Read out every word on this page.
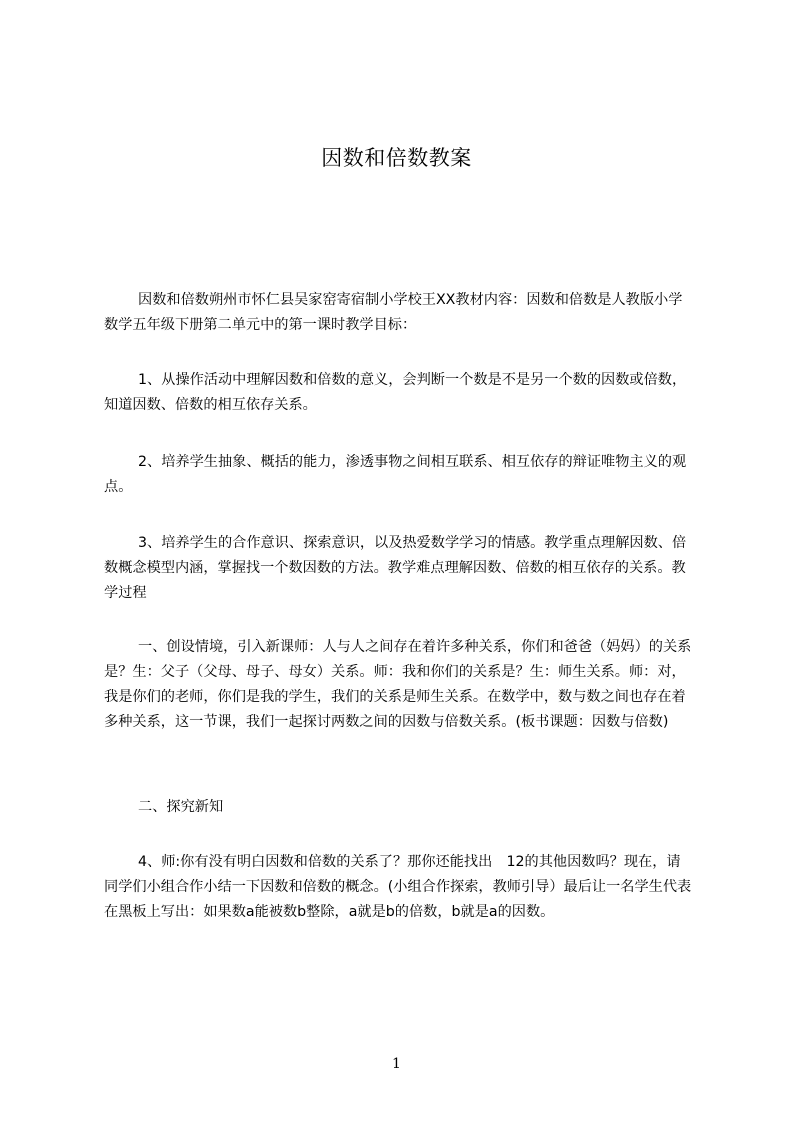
因数和倍数教案

因数和倍数朔州市怀仁县吴家窑寄宿制小学校王XX教材内容：因数和倍数是人教版小学数学五年级下册第二单元中的第一课时教学目标：

1、从操作活动中理解因数和倍数的意义，会判断一个数是不是另一个数的因数或倍数，知道因数、倍数的相互依存关系。

2、培养学生抽象、概括的能力，渗透事物之间相互联系、相互依存的辩证唯物主义的观点。

3、培养学生的合作意识、探索意识，以及热爱数学学习的情感。教学重点理解因数、倍数概念模型内涵，掌握找一个数因数的方法。教学难点理解因数、倍数的相互依存的关系。教学过程

一、创设情境，引入新课师：人与人之间存在着许多种关系，你们和爸爸（妈妈）的关系是？生：父子（父母、母子、母女）关系。师：我和你们的关系是？生：师生关系。师：对，我是你们的老师，你们是我的学生，我们的关系是师生关系。在数学中，数与数之间也存在着多种关系，这一节课，我们一起探讨两数之间的因数与倍数关系。(板书课题：因数与倍数)

二、探究新知

4、师:你有没有明白因数和倍数的关系了？那你还能找出　12的其他因数吗？现在，请同学们小组合作小结一下因数和倍数的概念。(小组合作探索，教师引导）最后让一名学生代表在黑板上写出：如果数a能被数b整除，a就是b的倍数，b就是a的因数。

1
